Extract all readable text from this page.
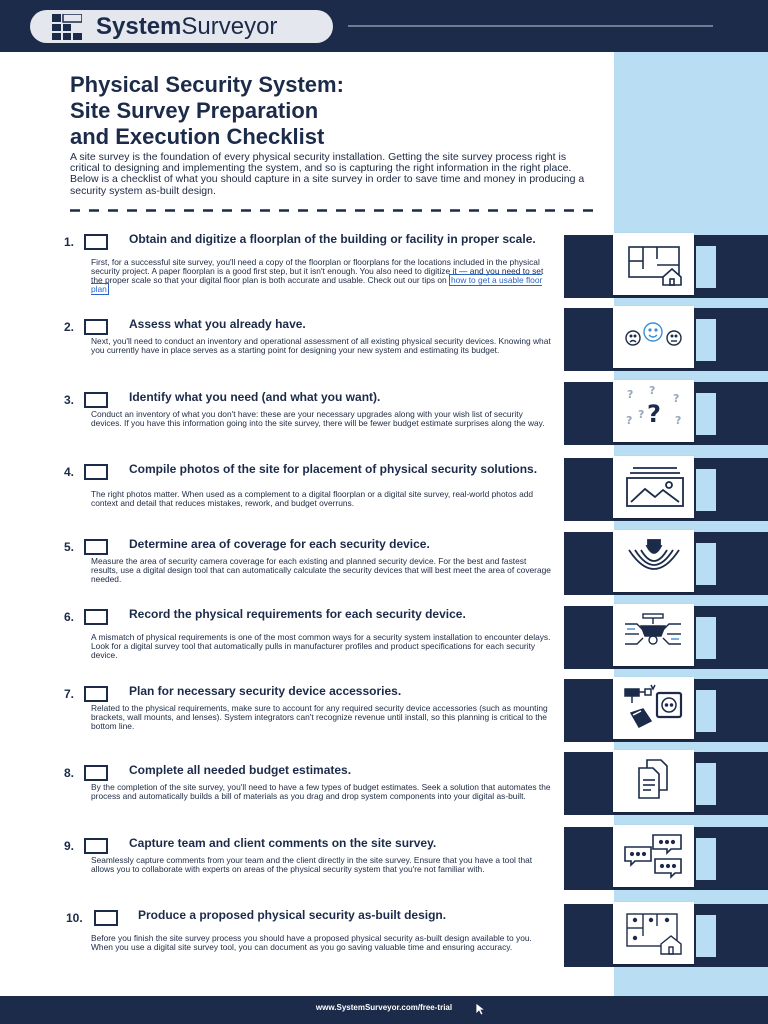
SystemSurveyor
Physical Security System:
Site Survey Preparation
and Execution Checklist

A site survey is the foundation of every physical security installation. Getting the site survey process right is critical to designing and implementing the system, and so is capturing the right information in the right place. Below is a checklist of what you should capture in a site survey in order to save time and money in producing a security system as-built design.

1.	Obtain and digitize a floorplan of the building or facility in proper scale.

First, for a successful site survey, you'll need a copy of the floorplan or floorplans for the locations included in the physical security project. A paper floorplan is a good first step, but it isn't enough. You also need to digitize it — and you need to set the proper scale so that your digital floor plan is both accurate and usable. Check out our tips on how to get a usable floor plan

2.	Assess what you already have.

Next, you'll need to conduct an inventory and operational assessment of all existing physical security devices. Knowing what you currently have in place serves as a starting point for designing your new system and estimating its budget.

3.	Identify what you need (and what you want).

Conduct an inventory of what you don't have: these are your necessary upgrades along with your wish list of security devices. If you have this information going into the site survey, there will be fewer budget estimate surprises along the way.

4.	Compile photos of the site for placement of physical security solutions.

The right photos matter. When used as a complement to a digital floorplan or a digital site survey, real-world photos add context and detail that reduces mistakes, rework, and budget overruns.

5.	Determine area of coverage for each security device.

Measure the area of security camera coverage for each existing and planned security device. For the best and fastest results, use a digital design tool that can automatically calculate the security devices that will best meet the area of coverage needed.

6.	Record the physical requirements for each security device.

A mismatch of physical requirements is one of the most common ways for a security system installation to encounter delays. Look for a digital survey tool that automatically pulls in manufacturer profiles and product specifications for each security device.

7.	Plan for necessary security device accessories.

Related to the physical requirements, make sure to account for any required security device accessories (such as mounting brackets, wall mounts, and lenses). System integrators can't recognize revenue until install, so this planning is critical to the bottom line.

8.	Complete all needed budget estimates.

By the completion of the site survey, you'll need to have a few types of budget estimates. Seek a solution that automates the process and automatically builds a bill of materials as you drag and drop system components into your digital as-built.

9.	Capture team and client comments on the site survey.

Seamlessly capture comments from your team and the client directly in the site survey. Ensure that you have a tool that allows you to collaborate with experts on areas of the physical security system that you're not familiar with.

10.	Produce a proposed physical security as-built design.

Before you finish the site survey process you should have a proposed physical security as-built design available to you. When you use a digital site survey tool, you can document as you go saving valuable time and ensuring accuracy.

?	?
?
?	?
? ?
www.SystemSurveyor.com/free-trial
